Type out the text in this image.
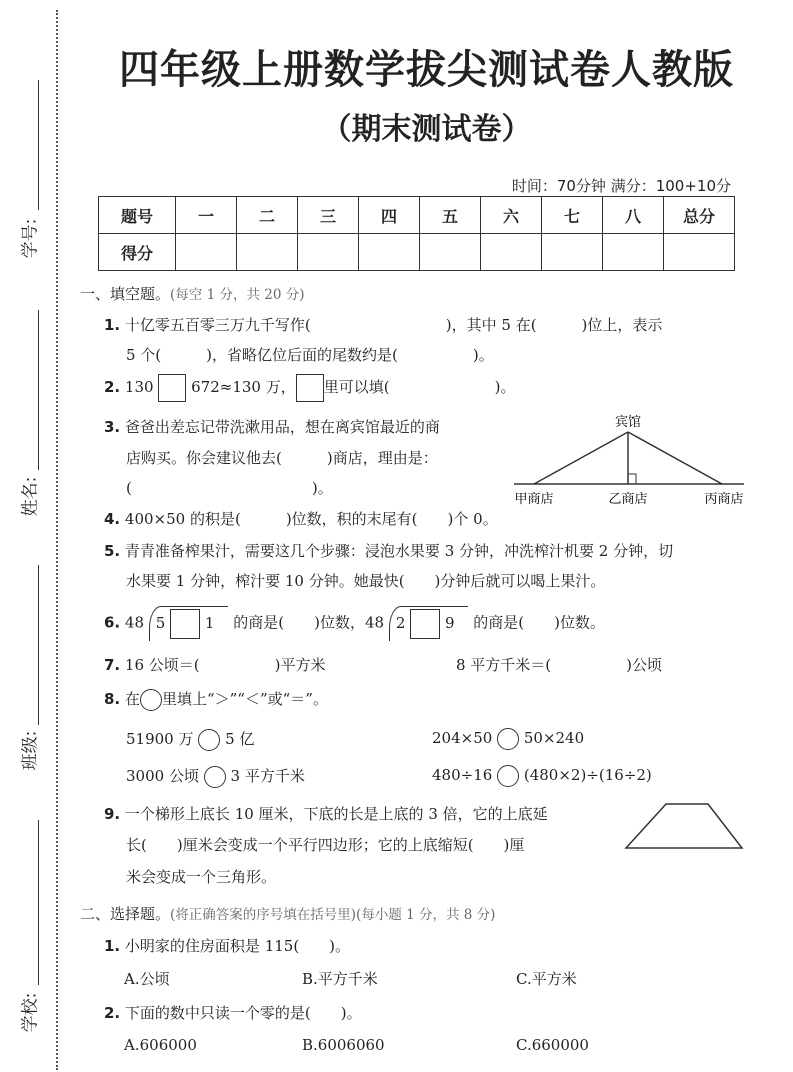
学号:
姓名:
班级:
学校:
四年级上册数学拔尖测试卷人教版
（期末测试卷）
时间：70分钟 满分：100+10分
题号	一	二	三	四	五	六	七	八	总分
得分									
一、填空题。(每空 1 分，共 20 分)
1. 十亿零五百零三万九千写作(　　　　　　　　　)，其中 5 在(　　　)位上，表示
5 个(　　　)，省略亿位后面的尾数约是(　　　　　)。
2. 130	672≈130 万， 里可以填(　　　　　　　)。
3. 爸爸出差忘记带洗漱用品，想在离宾馆最近的商
店购买。你会建议他去(　　　)商店，理由是：
(　　　　　　　　　　　　)。
宾馆
甲商店	乙商店	丙商店
4. 400×50 的积是(　　　)位数，积的末尾有(　　)个 0。
5. 青青准备榨果汁，需要这几个步骤：浸泡水果要 3 分钟，冲洗榨汁机要 2 分钟，切
水果要 1 分钟，榨汁要 10 分钟。她最快(　　)分钟后就可以喝上果汁。
6. 48 5	1 的商是(　　)位数，48 2	9 的商是(　　)位数。
7. 16 公顷＝(　　　　　)平方米	8 平方千米＝(　　　　　)公顷
8. 在 里填上“＞”“＜”或“＝”。
51900 万 5 亿	204×50 50×240
3000 公顷 3 平方千米	480÷16 (480×2)÷(16÷2)
9. 一个梯形上底长 10 厘米，下底的长是上底的 3 倍，它的上底延
长(　　)厘米会变成一个平行四边形；它的上底缩短(　　)厘
米会变成一个三角形。
二、选择题。(将正确答案的序号填在括号里)(每小题 1 分，共 8 分)
1. 小明家的住房面积是 115(　　)。
A.公顷	B.平方千米	C.平方米
2. 下面的数中只读一个零的是(　　)。
A.606000	B.6006060	C.660000
